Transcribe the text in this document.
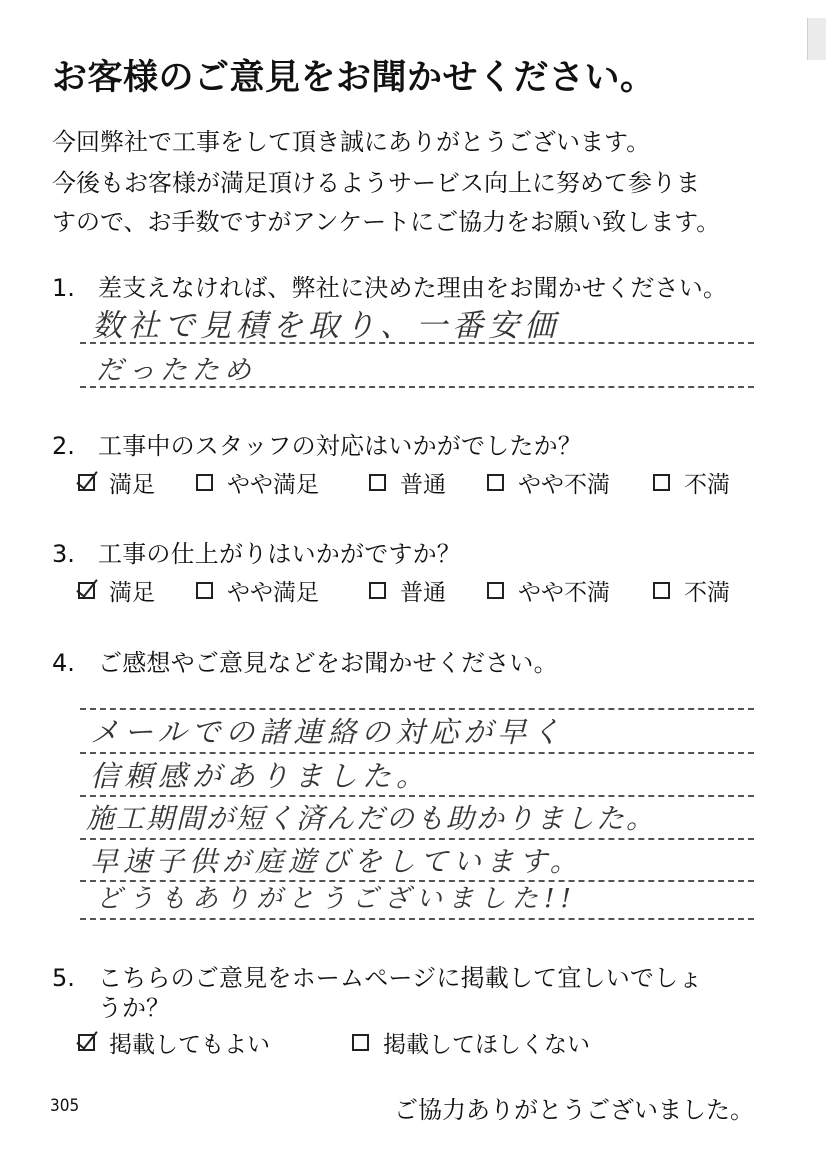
お客様のご意見をお聞かせください。
今回弊社で工事をして頂き誠にありがとうございます。
今後もお客様が満足頂けるようサービス向上に努めて参りま
すので、お手数ですがアンケートにご協力をお願い致します。
1. 差支えなければ、弊社に決めた理由をお聞かせください。
数社で見積を取り、一番安価
だったため
2. 工事中のスタッフの対応はいかがでしたか？
満足	やや満足	普通	やや不満	不満
3. 工事の仕上がりはいかがですか？
満足	やや満足	普通	やや不満	不満
4. ご感想やご意見などをお聞かせください。
メールでの諸連絡の対応が早く
信頼感がありました。
施工期間が短く済んだのも助かりました。
早速子供が庭遊びをしています。
どうもありがとうございました!!
5. こちらのご意見をホームページに掲載して宜しいでしょ
うか？
掲載してもよい	掲載してほしくない
305	ご協力ありがとうございました。
